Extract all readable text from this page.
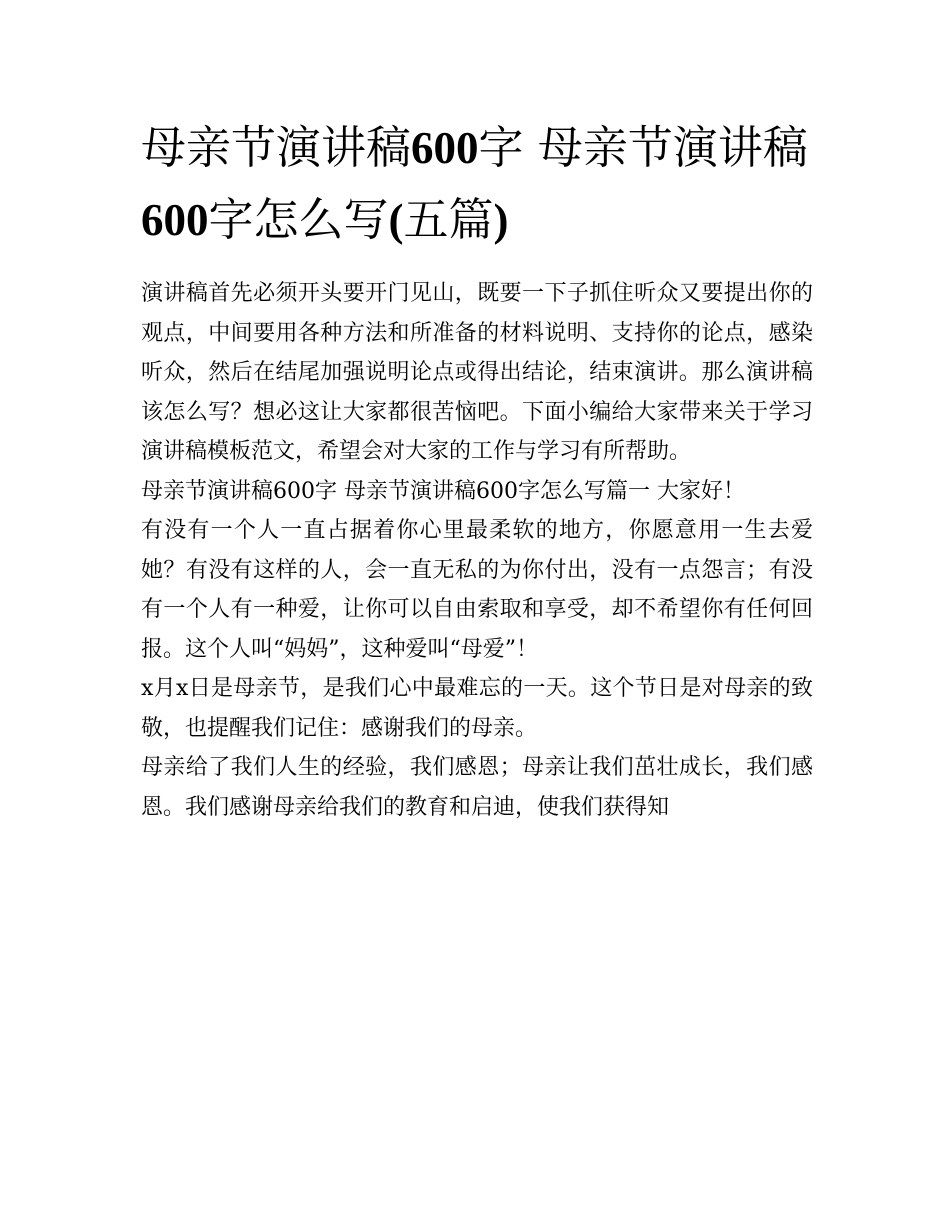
母亲节演讲稿600字 母亲节演讲稿600字怎么写(五篇)

演讲稿首先必须开头要开门见山，既要一下子抓住听众又要提出你的观点，中间要用各种方法和所准备的材料说明、支持你的论点，感染听众，然后在结尾加强说明论点或得出结论，结束演讲。那么演讲稿该怎么写？想必这让大家都很苦恼吧。下面小编给大家带来关于学习演讲稿模板范文，希望会对大家的工作与学习有所帮助。

母亲节演讲稿600字 母亲节演讲稿600字怎么写篇一 大家好！

有没有一个人一直占据着你心里最柔软的地方，你愿意用一生去爱她？有没有这样的人，会一直无私的为你付出，没有一点怨言；有没有一个人有一种爱，让你可以自由索取和享受，却不希望你有任何回报。这个人叫“妈妈”，这种爱叫“母爱”！

x月x日是母亲节，是我们心中最难忘的一天。这个节日是对母亲的致敬，也提醒我们记住：感谢我们的母亲。

母亲给了我们人生的经验，我们感恩；母亲让我们茁壮成长，我们感恩。我们感谢母亲给我们的教育和启迪，使我们获得知
